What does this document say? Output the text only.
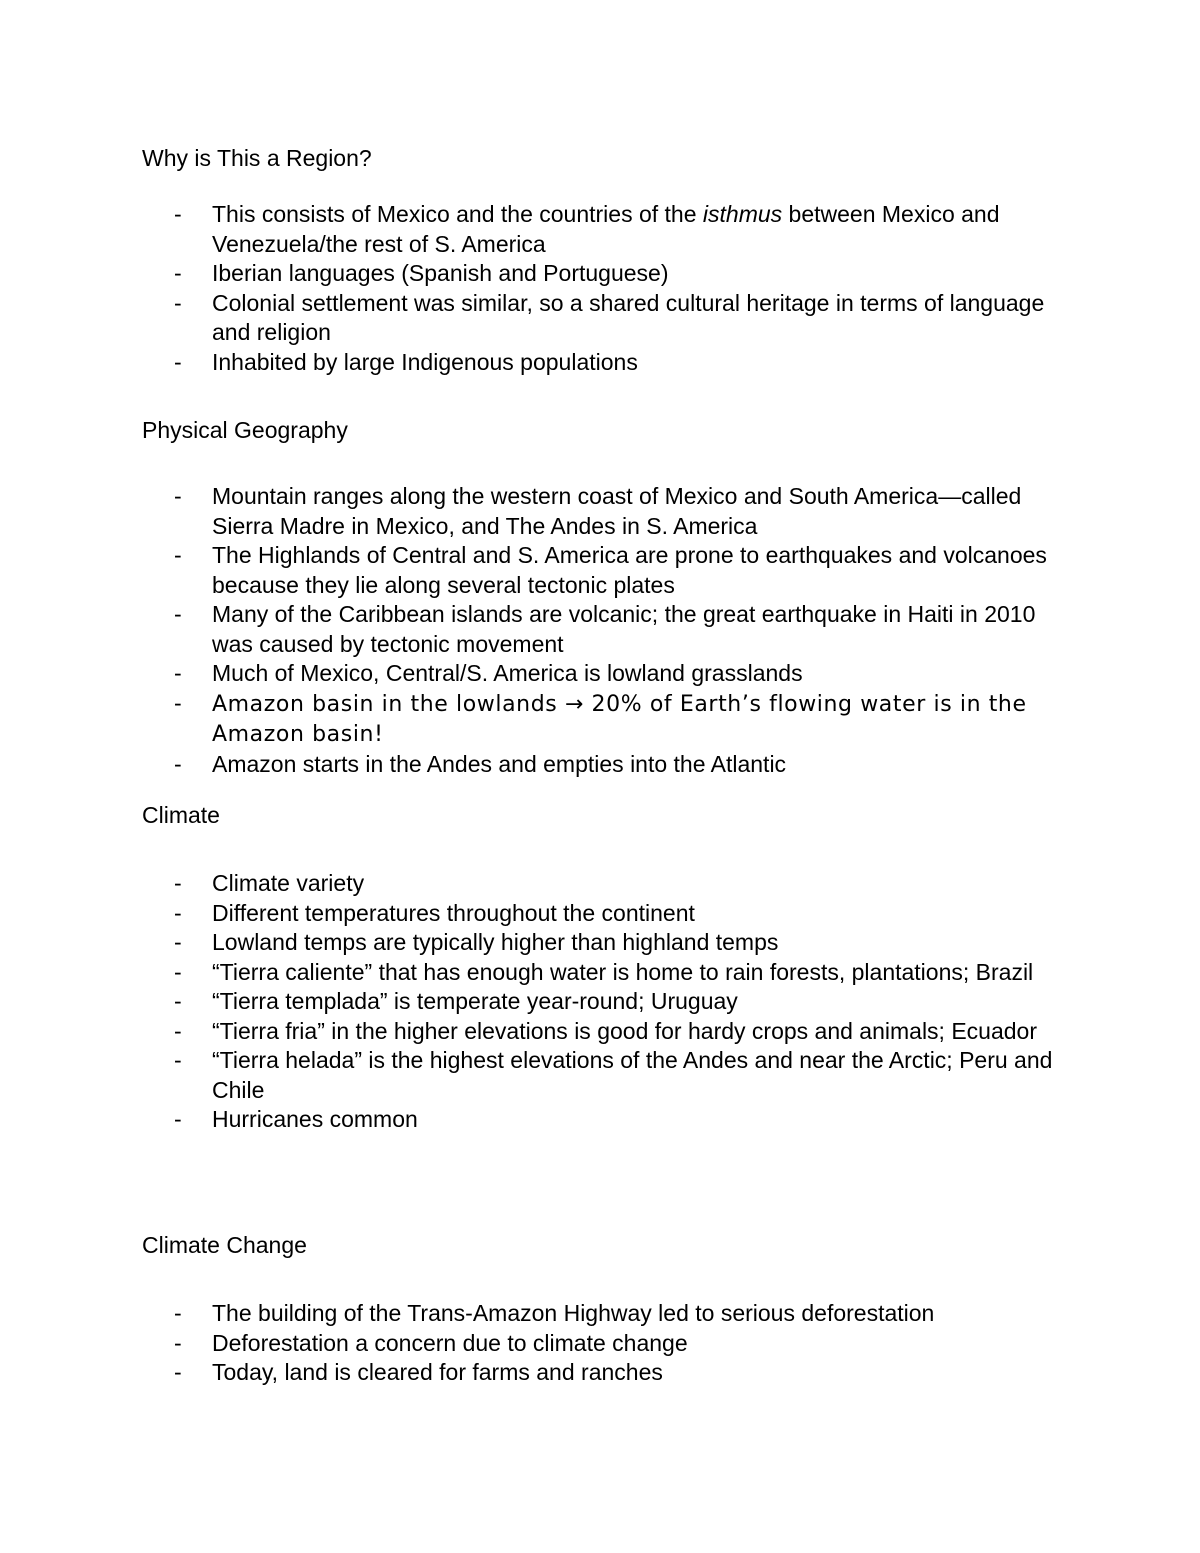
Why is This a Region?
- This consists of Mexico and the countries of the isthmus between Mexico and Venezuela/the rest of S. America
- Iberian languages (Spanish and Portuguese)
- Colonial settlement was similar, so a shared cultural heritage in terms of language and religion
- Inhabited by large Indigenous populations
Physical Geography
- Mountain ranges along the western coast of Mexico and South America—called Sierra Madre in Mexico, and The Andes in S. America
- The Highlands of Central and S. America are prone to earthquakes and volcanoes because they lie along several tectonic plates
- Many of the Caribbean islands are volcanic; the great earthquake in Haiti in 2010 was caused by tectonic movement
- Much of Mexico, Central/S. America is lowland grasslands
- Amazon basin in the lowlands → 20% of Earth’s flowing water is in the Amazon basin!
- Amazon starts in the Andes and empties into the Atlantic
Climate
- Climate variety
- Different temperatures throughout the continent
- Lowland temps are typically higher than highland temps
- “Tierra caliente” that has enough water is home to rain forests, plantations; Brazil
- “Tierra templada” is temperate year-round; Uruguay
- “Tierra fria” in the higher elevations is good for hardy crops and animals; Ecuador
- “Tierra helada” is the highest elevations of the Andes and near the Arctic; Peru and Chile
- Hurricanes common
Climate Change
- The building of the Trans-Amazon Highway led to serious deforestation
- Deforestation a concern due to climate change
- Today, land is cleared for farms and ranches
